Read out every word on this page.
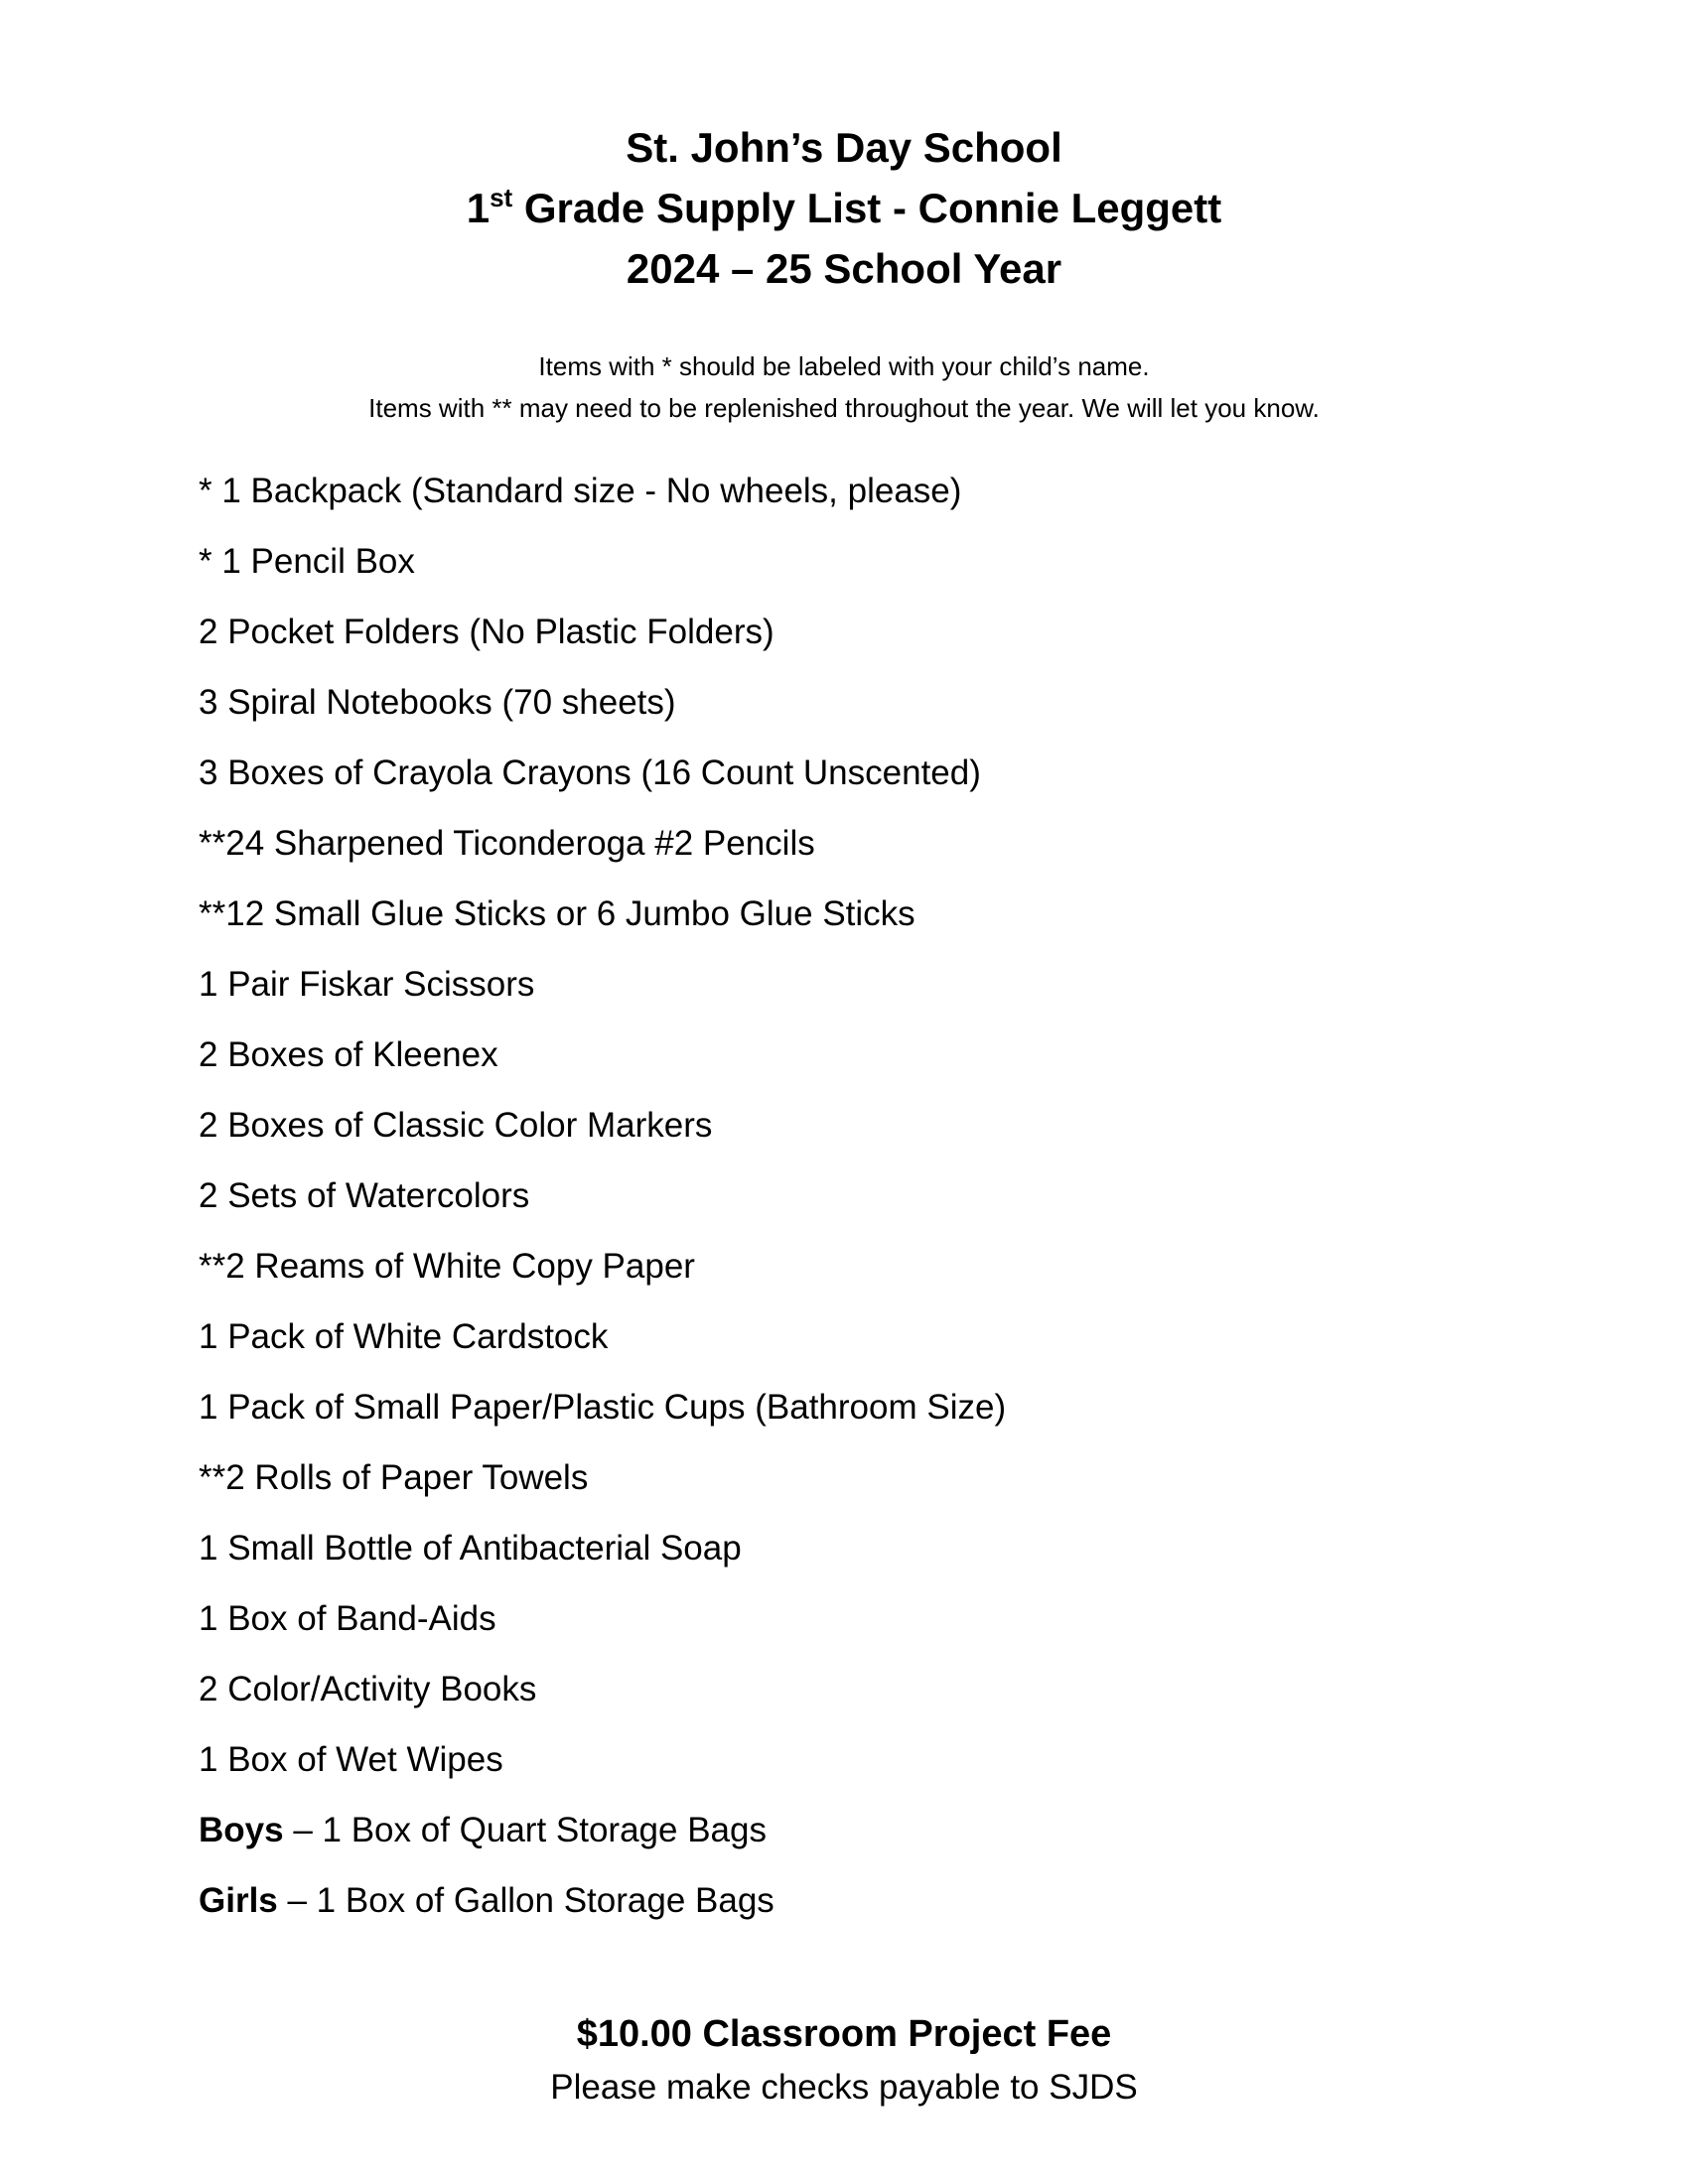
St. John’s Day School
1st Grade Supply List - Connie Leggett
2024 – 25 School Year
Items with * should be labeled with your child’s name.
Items with ** may need to be replenished throughout the year. We will let you know.
* 1 Backpack (Standard size - No wheels, please)
* 1 Pencil Box
2 Pocket Folders (No Plastic Folders)
3 Spiral Notebooks (70 sheets)
3 Boxes of Crayola Crayons (16 Count Unscented)
**24 Sharpened Ticonderoga #2 Pencils
**12 Small Glue Sticks or 6 Jumbo Glue Sticks
1 Pair Fiskar Scissors
2 Boxes of Kleenex
2 Boxes of Classic Color Markers
2 Sets of Watercolors
**2 Reams of White Copy Paper
1 Pack of White Cardstock
1 Pack of Small Paper/Plastic Cups (Bathroom Size)
**2 Rolls of Paper Towels
1 Small Bottle of Antibacterial Soap
1 Box of Band-Aids
2 Color/Activity Books
1 Box of Wet Wipes
Boys – 1 Box of Quart Storage Bags
Girls – 1 Box of Gallon Storage Bags
$10.00 Classroom Project Fee
Please make checks payable to SJDS
